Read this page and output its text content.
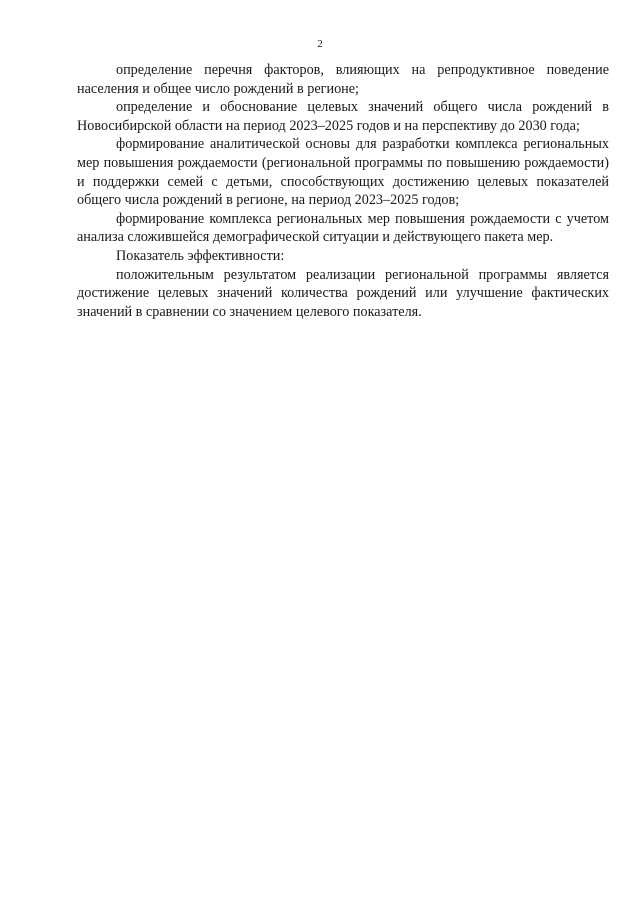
2

определение перечня факторов, влияющих на репродуктивное поведение населения и общее число рождений в регионе;

определение и обоснование целевых значений общего числа рождений в Новосибирской области на период 2023–2025 годов и на перспективу до 2030 года;

формирование аналитической основы для разработки комплекса региональных мер повышения рождаемости (региональной программы по повышению рождаемости) и поддержки семей с детьми, способствующих достижению целевых показателей общего числа рождений в регионе, на период 2023–2025 годов;

формирование комплекса региональных мер повышения рождаемости с учетом анализа сложившейся демографической ситуации и действующего пакета мер.

Показатель эффективности:

положительным результатом реализации региональной программы является достижение целевых значений количества рождений или улучшение фактических значений в сравнении со значением целевого показателя.
